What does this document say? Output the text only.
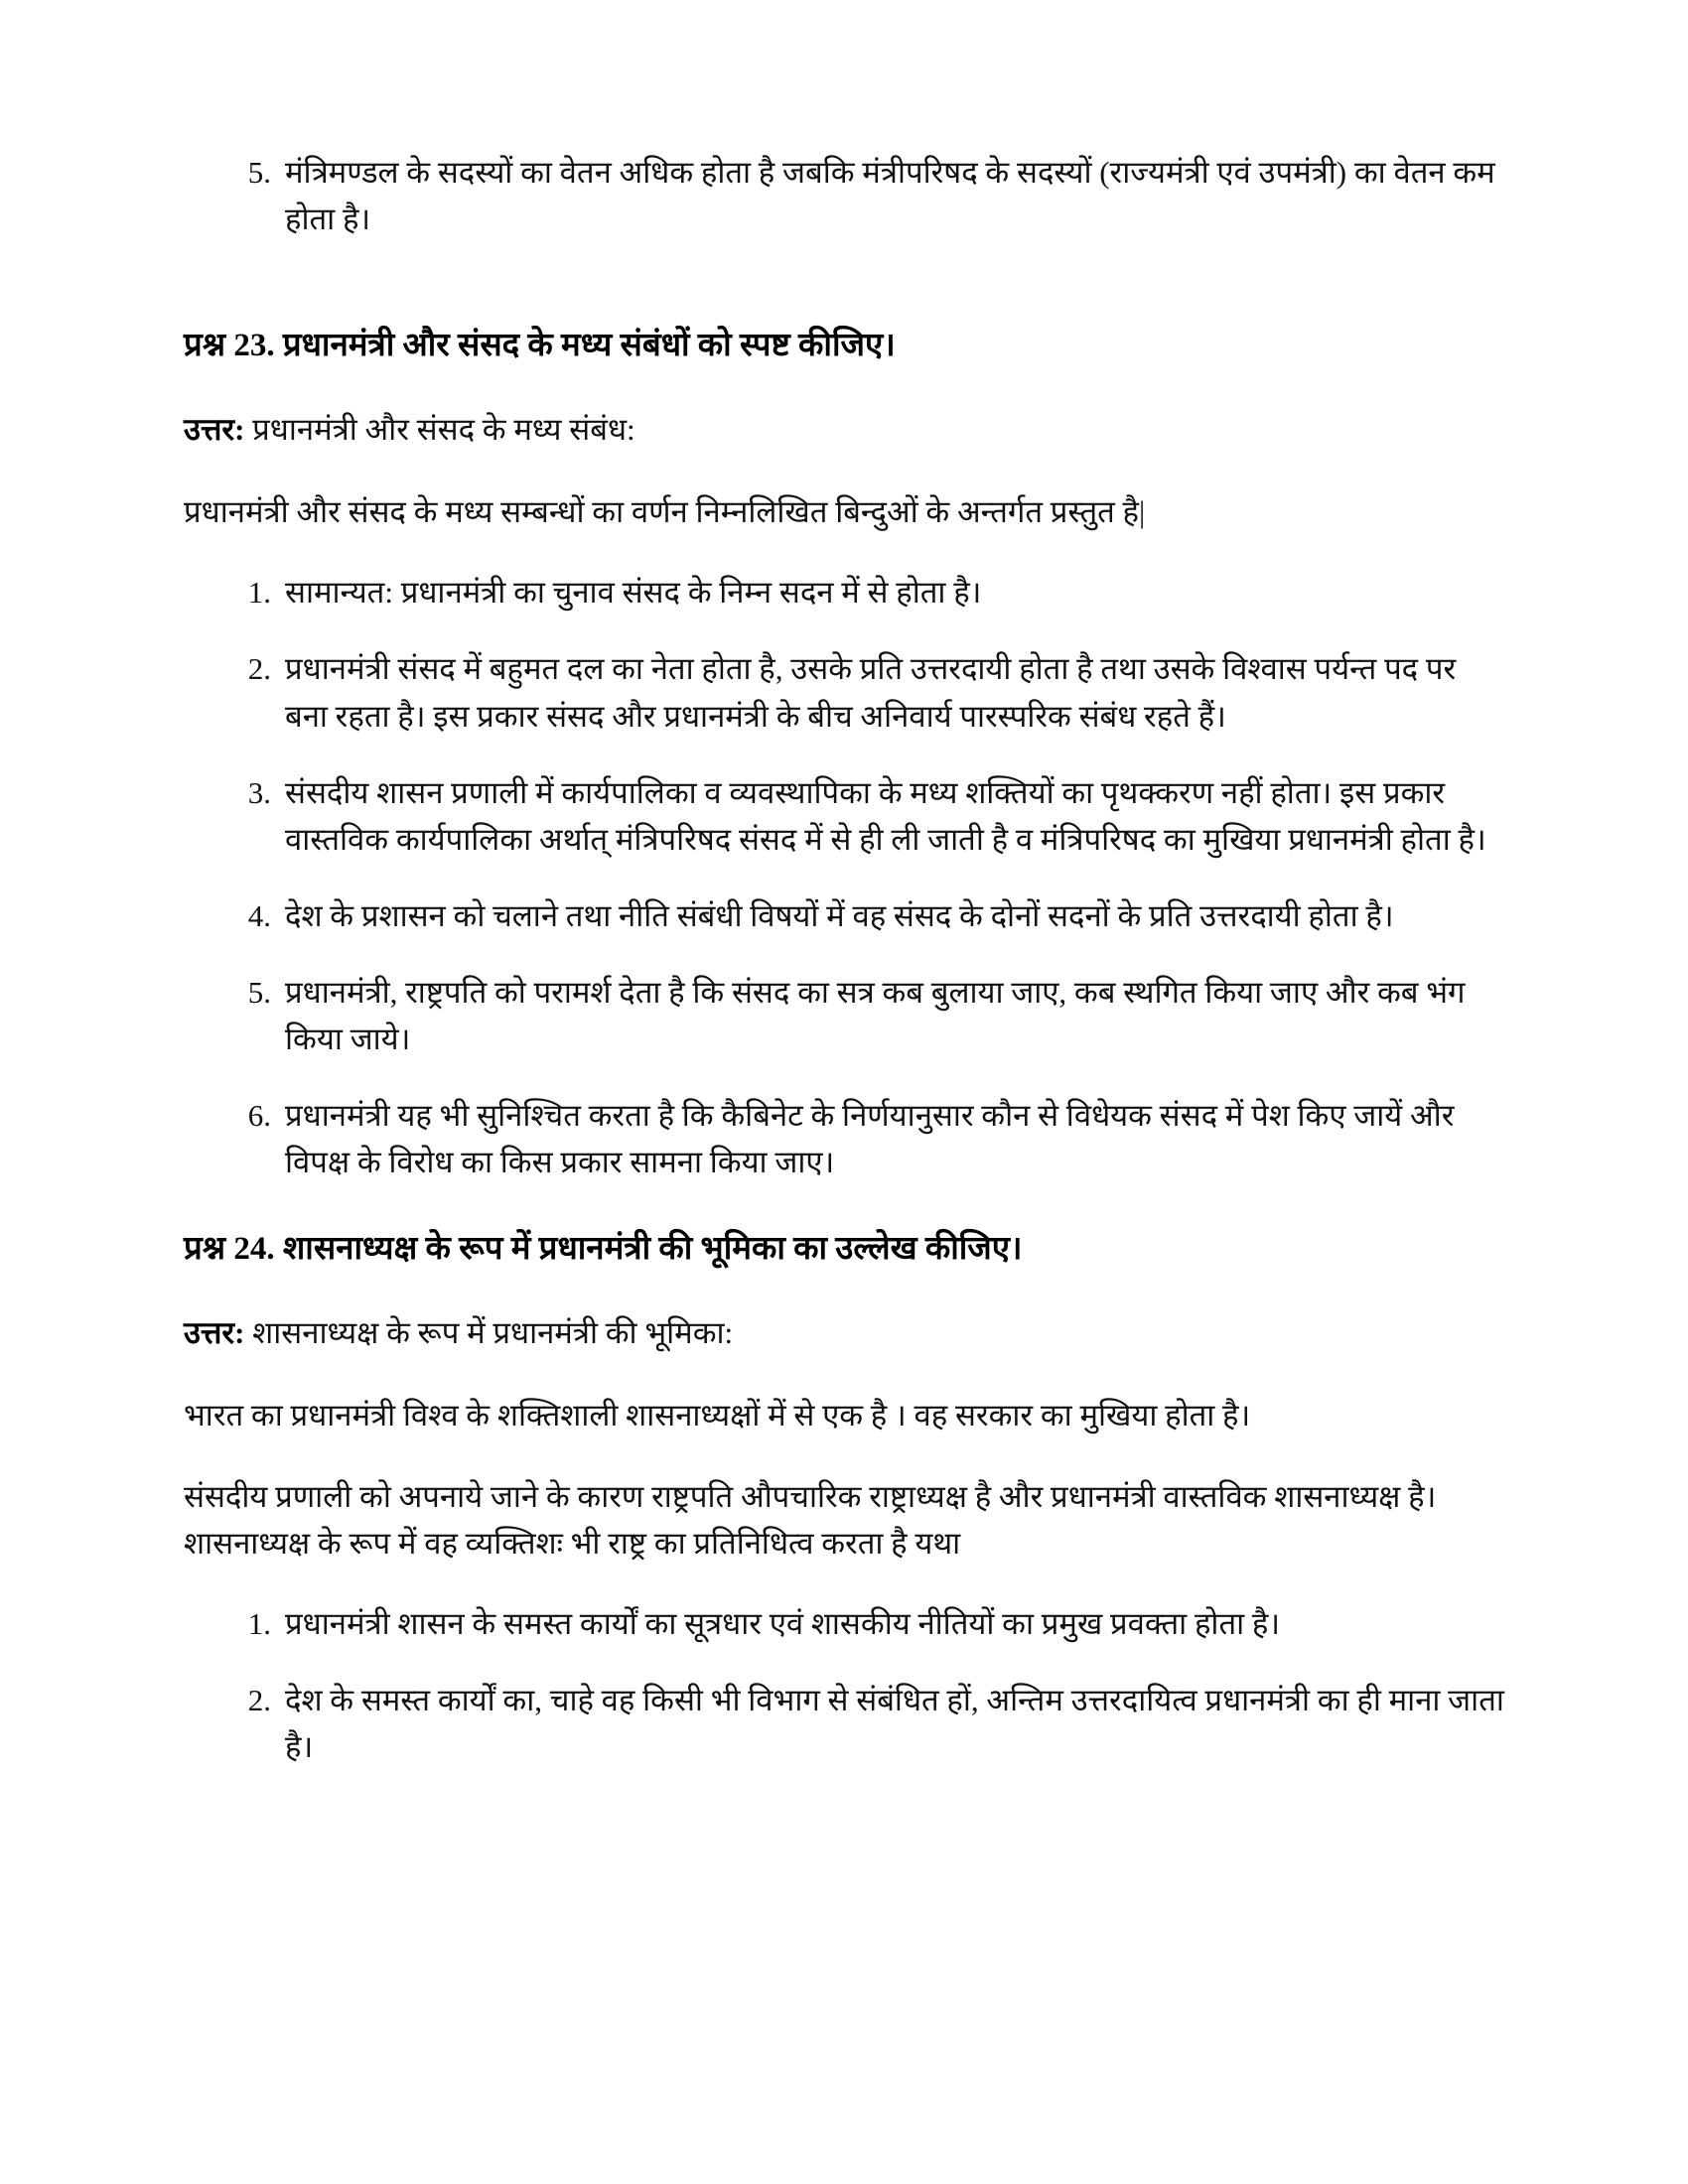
मंत्रिमण्डल के सदस्यों का वेतन अधिक होता है जबकि मंत्रीपरिषद के सदस्यों (राज्यमंत्री एवं उपमंत्री) का वेतन कम होता है।
प्रश्न 23. प्रधानमंत्री और संसद के मध्य संबंधों को स्पष्ट कीजिए।

उत्तर: प्रधानमंत्री और संसद के मध्य संबंध:

प्रधानमंत्री और संसद के मध्य सम्बन्धों का वर्णन निम्नलिखित बिन्दुओं के अन्तर्गत प्रस्तुत है|

सामान्यत: प्रधानमंत्री का चुनाव संसद के निम्न सदन में से होता है।
प्रधानमंत्री संसद में बहुमत दल का नेता होता है, उसके प्रति उत्तरदायी होता है तथा उसके विश्वास पर्यन्त पद पर बना रहता है। इस प्रकार संसद और प्रधानमंत्री के बीच अनिवार्य पारस्परिक संबंध रहते हैं।
संसदीय शासन प्रणाली में कार्यपालिका व व्यवस्थापिका के मध्य शक्तियों का पृथक्करण नहीं होता। इस प्रकार वास्तविक कार्यपालिका अर्थात् मंत्रिपरिषद संसद में से ही ली जाती है व मंत्रिपरिषद का मुखिया प्रधानमंत्री होता है।
देश के प्रशासन को चलाने तथा नीति संबंधी विषयों में वह संसद के दोनों सदनों के प्रति उत्तरदायी होता है।
प्रधानमंत्री, राष्ट्रपति को परामर्श देता है कि संसद का सत्र कब बुलाया जाए, कब स्थगित किया जाए और कब भंग किया जाये।
प्रधानमंत्री यह भी सुनिश्चित करता है कि कैबिनेट के निर्णयानुसार कौन से विधेयक संसद में पेश किए जायें और विपक्ष के विरोध का किस प्रकार सामना किया जाए।
प्रश्न 24. शासनाध्यक्ष के रूप में प्रधानमंत्री की भूमिका का उल्लेख कीजिए।

उत्तर: शासनाध्यक्ष के रूप में प्रधानमंत्री की भूमिका:

भारत का प्रधानमंत्री विश्व के शक्तिशाली शासनाध्यक्षों में से एक है । वह सरकार का मुखिया होता है।

संसदीय प्रणाली को अपनाये जाने के कारण राष्ट्रपति औपचारिक राष्ट्राध्यक्ष है और प्रधानमंत्री वास्तविक शासनाध्यक्ष है। शासनाध्यक्ष के रूप में वह व्यक्तिशः भी राष्ट्र का प्रतिनिधित्व करता है यथा

प्रधानमंत्री शासन के समस्त कार्यों का सूत्रधार एवं शासकीय नीतियों का प्रमुख प्रवक्ता होता है।
देश के समस्त कार्यों का, चाहे वह किसी भी विभाग से संबंधित हों, अन्तिम उत्तरदायित्व प्रधानमंत्री का ही माना जाता है।
